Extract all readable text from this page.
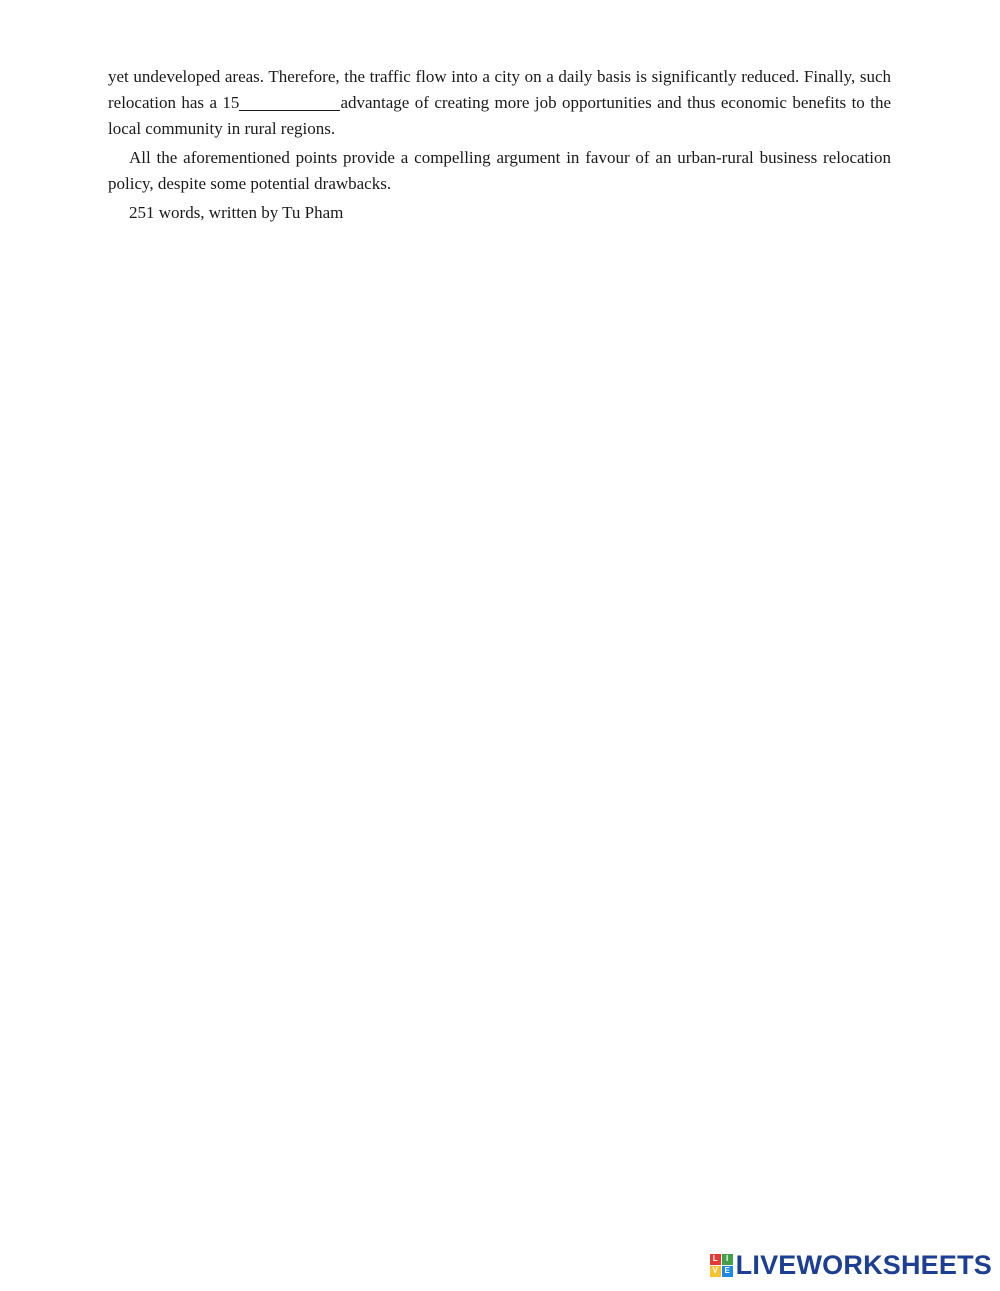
yet undeveloped areas. Therefore, the traffic flow into a city on a daily basis is significantly reduced. Finally, such relocation has a 15	advantage of creating more job opportunities and thus economic benefits to the local community in rural regions.

All the aforementioned points provide a compelling argument in favour of an urban-rural business relocation policy, despite some potential drawbacks.

251 words, written by Tu Pham

L	I
V E LIVEWORKSHEETS
